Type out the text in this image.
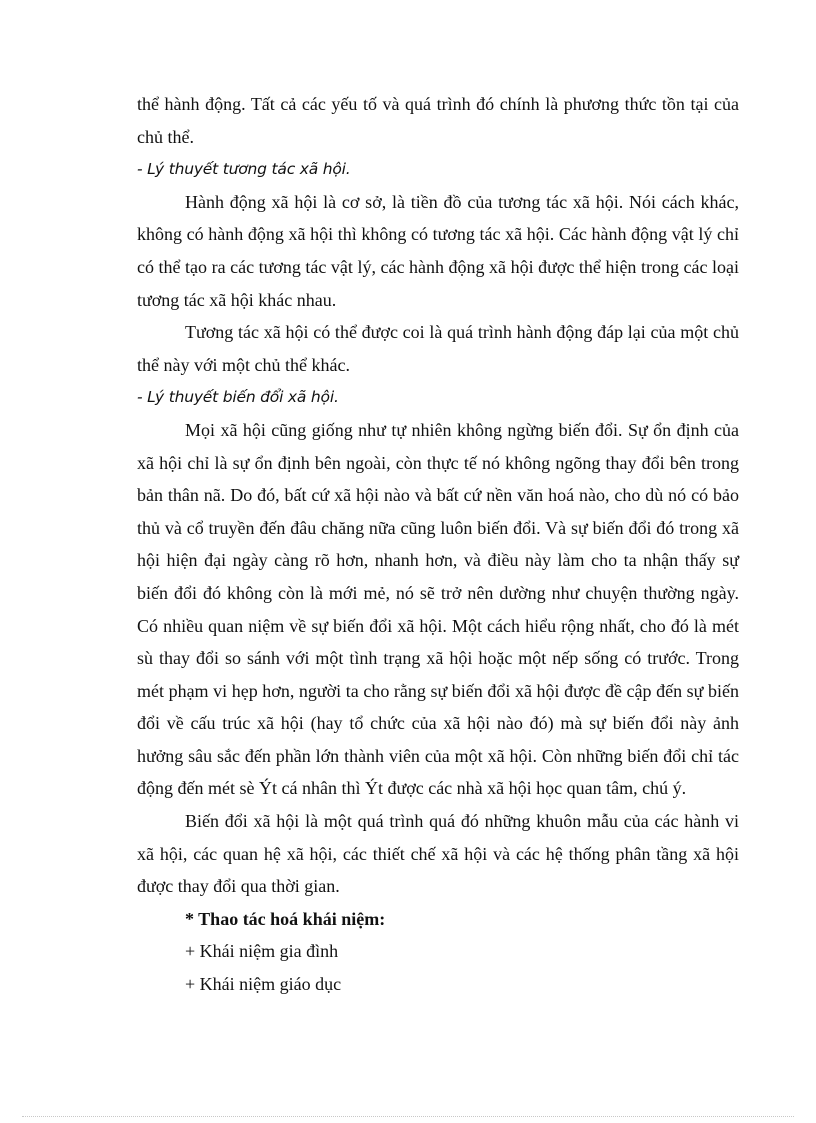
thể hành động. Tất cả các yếu tố và quá trình đó chính là phương thức tồn tại của chủ thể.

- Lý thuyết tương tác xã hội.

Hành động xã hội là cơ sở, là tiền đồ của tương tác xã hội. Nói cách khác, không có hành động xã hội thì không có tương tác xã hội. Các hành động vật lý chỉ có thể tạo ra các tương tác vật lý, các hành động xã hội được thể hiện trong các loại tương tác xã hội khác nhau.

Tương tác xã hội có thể được coi là quá trình hành động đáp lại của một chủ thể này với một chủ thể khác.

- Lý thuyết biến đổi xã hội.

Mọi xã hội cũng giống như tự nhiên không ngừng biến đổi. Sự ổn định của xã hội chỉ là sự ổn định bên ngoài, còn thực tế nó không ngõng thay đổi bên trong bản thân nã. Do đó, bất cứ xã hội nào và bất cứ nền văn hoá nào, cho dù nó có bảo thủ và cổ truyền đến đâu chăng nữa cũng luôn biến đổi. Và sự biến đổi đó trong xã hội hiện đại ngày càng rõ hơn, nhanh hơn, và điều này làm cho ta nhận thấy sự biến đổi đó không còn là mới mẻ, nó sẽ trở nên dường như chuyện thường ngày. Có nhiều quan niệm về sự biến đổi xã hội. Một cách hiểu rộng nhất, cho đó là mét sù thay đổi so sánh với một tình trạng xã hội hoặc một nếp sống có trước. Trong mét phạm vi hẹp hơn, người ta cho rằng sự biến đổi xã hội được đề cập đến sự biến đổi về cấu trúc xã hội (hay tổ chức của xã hội nào đó) mà sự biến đổi này ảnh hưởng sâu sắc đến phần lớn thành viên của một xã hội. Còn những biến đổi chỉ tác động đến mét sè Ýt cá nhân thì Ýt được các nhà xã hội học quan tâm, chú ý.

Biến đổi xã hội là một quá trình quá đó những khuôn mẫu của các hành vi xã hội, các quan hệ xã hội, các thiết chế xã hội và các hệ thống phân tầng xã hội được thay đổi qua thời gian.

* Thao tác hoá khái niệm:

+ Khái niệm gia đình

+ Khái niệm giáo dục
